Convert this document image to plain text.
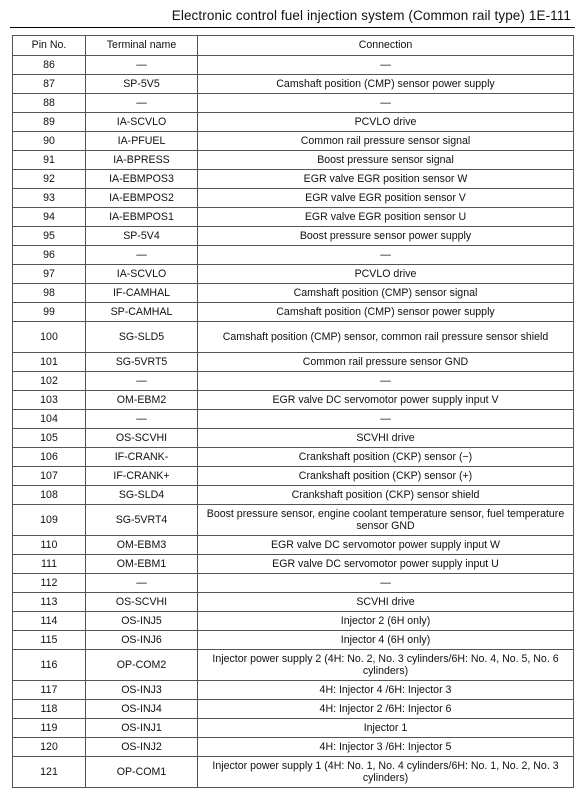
Electronic control fuel injection system (Common rail type) 1E-111
Pin No.	Terminal name	Connection
86	—	—
87	SP-5V5	Camshaft position (CMP) sensor power supply
88	—	—
89	IA-SCVLO	PCVLO drive
90	IA-PFUEL	Common rail pressure sensor signal
91	IA-BPRESS	Boost pressure sensor signal
92	IA-EBMPOS3	EGR valve EGR position sensor W
93	IA-EBMPOS2	EGR valve EGR position sensor V
94	IA-EBMPOS1	EGR valve EGR position sensor U
95	SP-5V4	Boost pressure sensor power supply
96	—	—
97	IA-SCVLO	PCVLO drive
98	IF-CAMHAL	Camshaft position (CMP) sensor signal
99	SP-CAMHAL	Camshaft position (CMP) sensor power supply
100	SG-SLD5	Camshaft position (CMP) sensor, common rail pressure sensor shield
101	SG-5VRT5	Common rail pressure sensor GND
102	—	—
103	OM-EBM2	EGR valve DC servomotor power supply input V
104	—	—
105	OS-SCVHI	SCVHI drive
106	IF-CRANK-	Crankshaft position (CKP) sensor (−)
107	IF-CRANK+	Crankshaft position (CKP) sensor (+)
108	SG-SLD4	Crankshaft position (CKP) sensor shield
109	SG-5VRT4	Boost pressure sensor, engine coolant temperature sensor, fuel temperature sensor GND
110	OM-EBM3	EGR valve DC servomotor power supply input W
111	OM-EBM1	EGR valve DC servomotor power supply input U
112	—	—
113	OS-SCVHI	SCVHI drive
114	OS-INJ5	Injector 2 (6H only)
115	OS-INJ6	Injector 4 (6H only)
116	OP-COM2	Injector power supply 2 (4H: No. 2, No. 3 cylinders/6H: No. 4, No. 5, No. 6 cylinders)
117	OS-INJ3	4H: Injector 4 /6H: Injector 3
118	OS-INJ4	4H: Injector 2 /6H: Injector 6
119	OS-INJ1	Injector 1
120	OS-INJ2	4H: Injector 3 /6H: Injector 5
121	OP-COM1	Injector power supply 1 (4H: No. 1, No. 4 cylinders/6H: No. 1, No. 2, No. 3 cylinders)
